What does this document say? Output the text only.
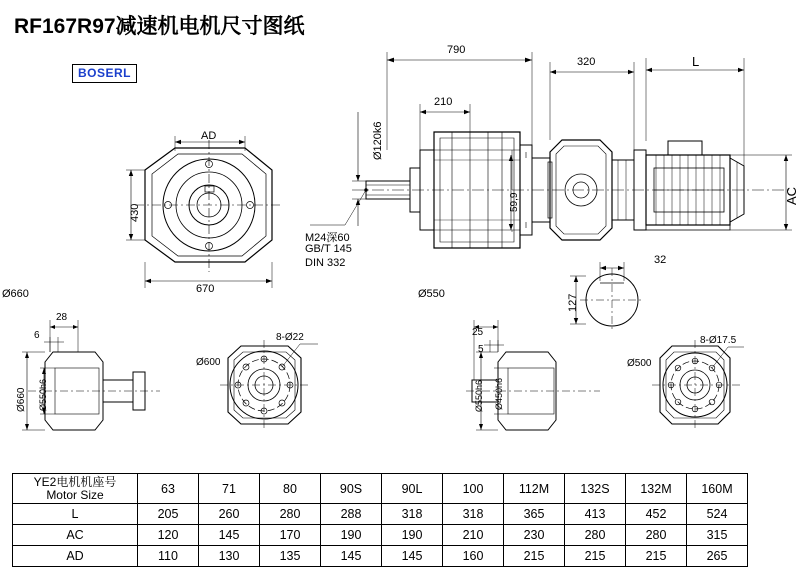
RF167R97减速机电机尺寸图纸
BOSERL
AD
430
670
790
210
320	L
AC
Ø120k6
59,9
M24深60
GB/T 145
DIN 332	32
127
Ø660	Ø550
28
6
Ø660 Ø550h6
8-Ø22
Ø600
25
5
Ø550h6 Ø450h6
8-Ø17.5
Ø500
YE2电机机座号
Motor Size	63	71	80	90S	90L	100	112M	132S	132M	160M
L	205	260	280	288	318	318	365	413	452	524
AC	120	145	170	190	190	210	230	280	280	315
AD	110	130	135	145	145	160	215	215	215	265
